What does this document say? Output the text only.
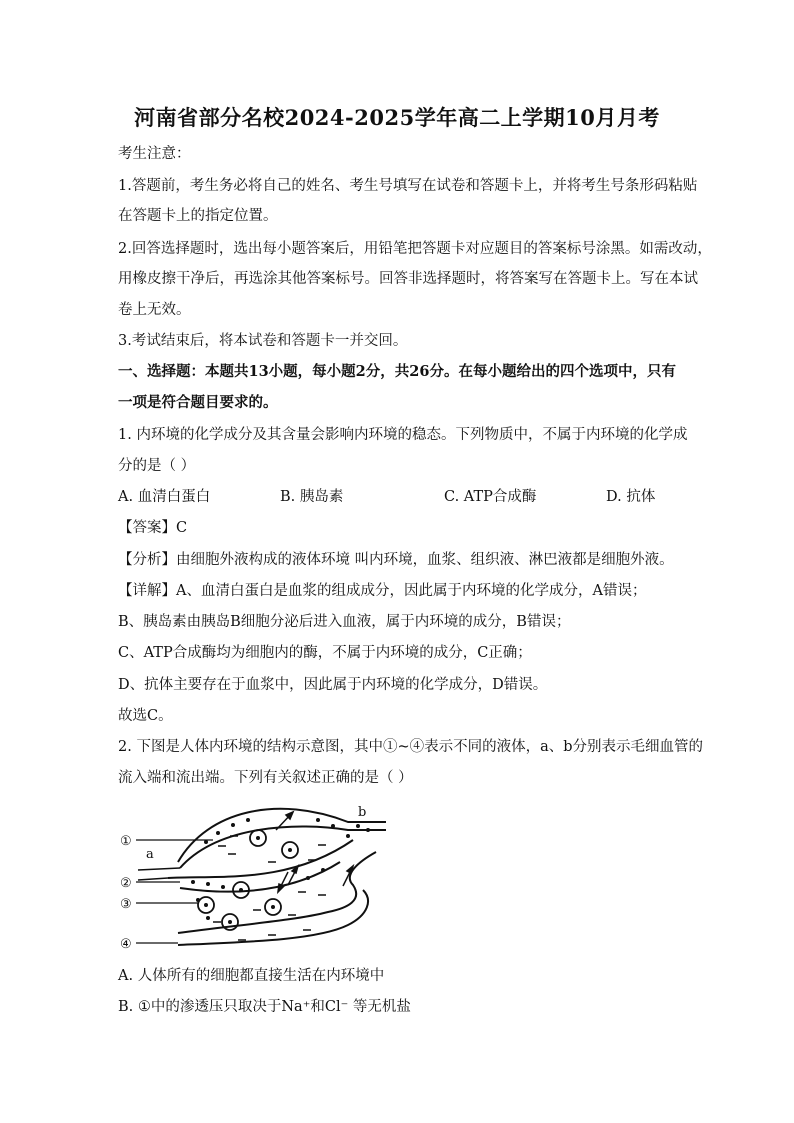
河南省部分名校2024-2025学年高二上学期10月月考
考生注意：
1.答题前，考生务必将自己的姓名、考生号填写在试卷和答题卡上，并将考生号条形码粘贴
在答题卡上的指定位置。
2.回答选择题时，选出每小题答案后，用铅笔把答题卡对应题目的答案标号涂黑。如需改动，
用橡皮擦干净后，再选涂其他答案标号。回答非选择题时，将答案写在答题卡上。写在本试
卷上无效。
3.考试结束后，将本试卷和答题卡一并交回。
一、选择题：本题共13小题，每小题2分，共26分。在每小题给出的四个选项中，只有
一项是符合题目要求的。
1. 内环境的化学成分及其含量会影响内环境的稳态。下列物质中，不属于内环境的化学成
分的是（ ）
A. 血清白蛋白	B. 胰岛素	C. ATP合成酶	D. 抗体
【答案】C
【分析】由细胞外液构成的液体环境 叫内环境，血浆、组织液、淋巴液都是细胞外液。
【详解】A、血清白蛋白是血浆的组成成分，因此属于内环境的化学成分，A错误；
B、胰岛素由胰岛B细胞分泌后进入血液，属于内环境的成分，B错误；
C、ATP合成酶均为细胞内的酶，不属于内环境的成分，C正确；
D、抗体主要存在于血浆中，因此属于内环境的化学成分，D错误。
故选C。
2. 下图是人体内环境的结构示意图，其中①~④表示不同的液体，a、b分别表示毛细血管的
流入端和流出端。下列有关叙述正确的是（ ）
①
②
③
④
a
b
A. 人体所有的细胞都直接生活在内环境中
B. ①中的渗透压只取决于Na⁺和Cl⁻ 等无机盐
